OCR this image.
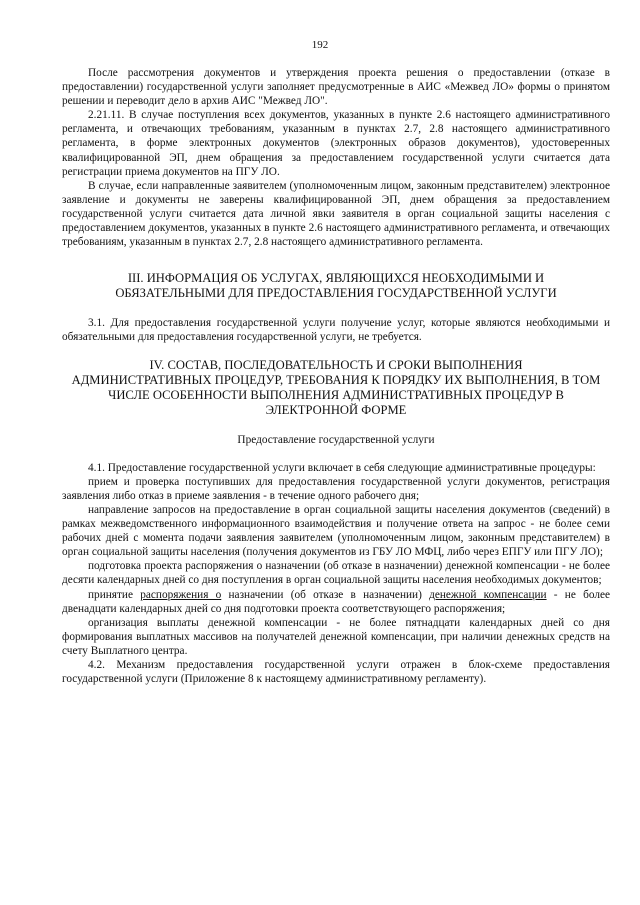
192

После рассмотрения документов и утверждения проекта решения о предоставлении (отказе в предоставлении) государственной услуги заполняет предусмотренные в АИС «Межвед ЛО» формы о принятом решении и переводит дело в архив АИС "Межвед ЛО".

2.21.11. В случае поступления всех документов, указанных в пункте 2.6 настоящего административного регламента, и отвечающих требованиям, указанным в пунктах 2.7, 2.8 настоящего административного регламента, в форме электронных документов (электронных образов документов), удостоверенных квалифицированной ЭП, днем обращения за предоставлением государственной услуги считается дата регистрации приема документов на ПГУ ЛО.

В случае, если направленные заявителем (уполномоченным лицом, законным представителем) электронное заявление и документы не заверены квалифицированной ЭП, днем обращения за предоставлением государственной услуги считается дата личной явки заявителя в орган социальной защиты населения с предоставлением документов, указанных в пункте 2.6 настоящего административного регламента, и отвечающих требованиям, указанным в пунктах 2.7, 2.8 настоящего административного регламента.

III. ИНФОРМАЦИЯ ОБ УСЛУГАХ, ЯВЛЯЮЩИХСЯ НЕОБХОДИМЫМИ И

ОБЯЗАТЕЛЬНЫМИ ДЛЯ ПРЕДОСТАВЛЕНИЯ ГОСУДАРСТВЕННОЙ УСЛУГИ

3.1. Для предоставления государственной услуги получение услуг, которые являются необходимыми и обязательными для предоставления государственной услуги, не требуется.

IV. СОСТАВ, ПОСЛЕДОВАТЕЛЬНОСТЬ И СРОКИ ВЫПОЛНЕНИЯ

АДМИНИСТРАТИВНЫХ ПРОЦЕДУР, ТРЕБОВАНИЯ К ПОРЯДКУ ИХ ВЫПОЛНЕНИЯ, В ТОМ

ЧИСЛЕ ОСОБЕННОСТИ ВЫПОЛНЕНИЯ АДМИНИСТРАТИВНЫХ ПРОЦЕДУР В

ЭЛЕКТРОННОЙ ФОРМЕ

Предоставление государственной услуги

4.1. Предоставление государственной услуги включает в себя следующие административные процедуры:

прием и проверка поступивших для предоставления государственной услуги документов, регистрация заявления либо отказ в приеме заявления - в течение одного рабочего дня;

направление запросов на предоставление в орган социальной защиты населения документов (сведений) в рамках межведомственного информационного взаимодействия и получение ответа на запрос - не более семи рабочих дней с момента подачи заявления заявителем (уполномоченным лицом, законным представителем) в орган социальной защиты населения (получения документов из ГБУ ЛО МФЦ, либо через ЕПГУ или ПГУ ЛО);

подготовка проекта распоряжения о назначении (об отказе в назначении) денежной компенсации - не более десяти календарных дней со дня поступления в орган социальной защиты населения необходимых документов;

принятие распоряжения о назначении (об отказе в назначении) денежной компенсации - не более двенадцати календарных дней со дня подготовки проекта соответствующего распоряжения;

организация выплаты денежной компенсации - не более пятнадцати календарных дней со дня формирования выплатных массивов на получателей денежной компенсации, при наличии денежных средств на счету Выплатного центра.

4.2. Механизм предоставления государственной услуги отражен в блок-схеме предоставления государственной услуги (Приложение 8 к настоящему административному регламенту).
